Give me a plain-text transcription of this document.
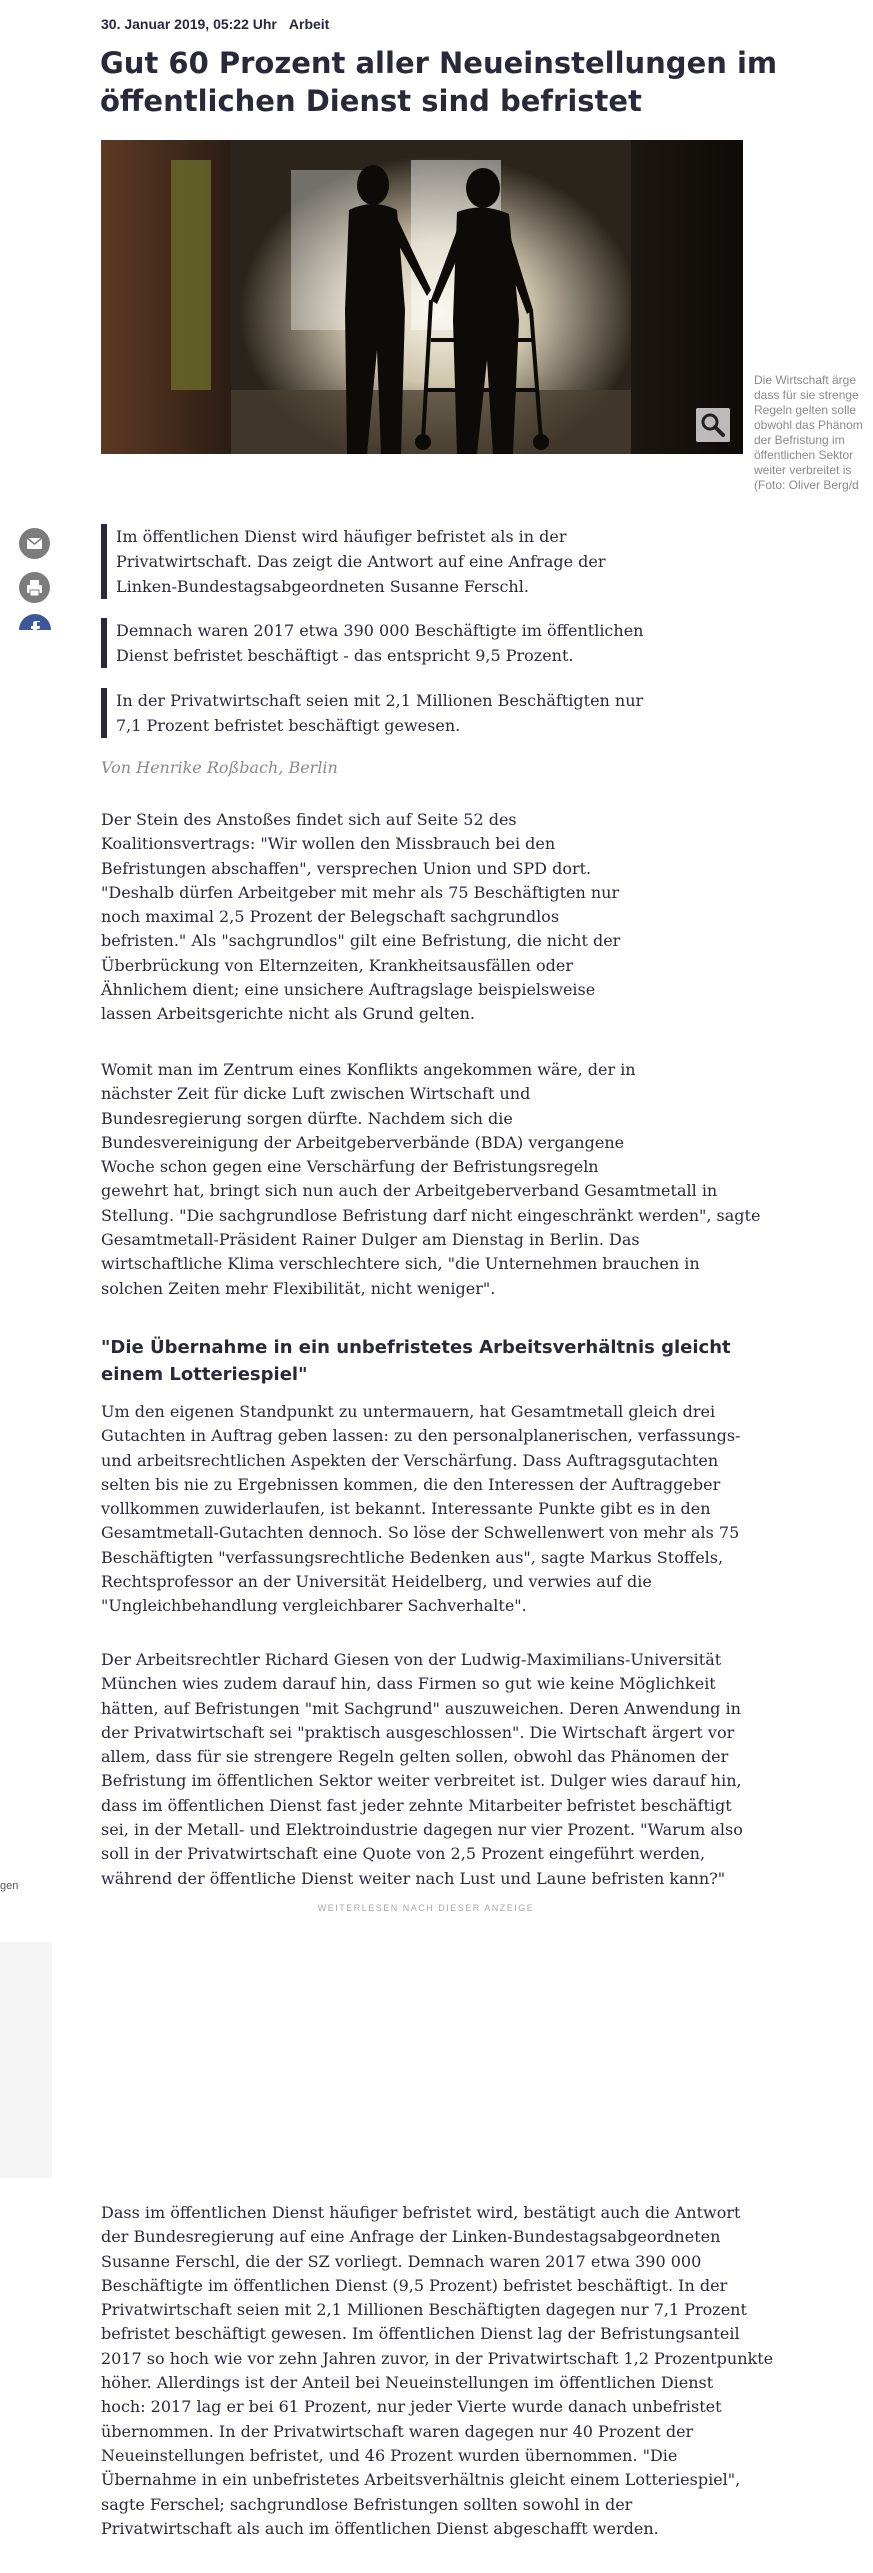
30. Januar 2019, 05:22 Uhr Arbeit
Gut 60 Prozent aller Neueinstellungen im öffentlichen Dienst sind befristet
Die Wirtschaft ärge
dass für sie strenge
Regeln gelten solle
obwohl das Phänom
der Befristung im
öffentlichen Sektor
weiter verbreitet is
(Foto: Oliver Berg/d
Im öffentlichen Dienst wird häufiger befristet als in der
Privatwirtschaft. Das zeigt die Antwort auf eine Anfrage der
Linken-Bundestagsabgeordneten Susanne Ferschl.
Demnach waren 2017 etwa 390 000 Beschäftigte im öffentlichen
Dienst befristet beschäftigt - das entspricht 9,5 Prozent.
In der Privatwirtschaft seien mit 2,1 Millionen Beschäftigten nur
7,1 Prozent befristet beschäftigt gewesen.
Von Henrike Roßbach, Berlin
Der Stein des Anstoßes findet sich auf Seite 52 des
Koalitionsvertrags: "Wir wollen den Missbrauch bei den
Befristungen abschaffen", versprechen Union und SPD dort.
"Deshalb dürfen Arbeitgeber mit mehr als 75 Beschäftigten nur
noch maximal 2,5 Prozent der Belegschaft sachgrundlos
befristen." Als "sachgrundlos" gilt eine Befristung, die nicht der
Überbrückung von Elternzeiten, Krankheitsausfällen oder
Ähnlichem dient; eine unsichere Auftragslage beispielsweise
lassen Arbeitsgerichte nicht als Grund gelten.
Womit man im Zentrum eines Konflikts angekommen wäre, der in
nächster Zeit für dicke Luft zwischen Wirtschaft und
Bundesregierung sorgen dürfte. Nachdem sich die
Bundesvereinigung der Arbeitgeberverbände (BDA) vergangene
Woche schon gegen eine Verschärfung der Befristungsregeln
gewehrt hat, bringt sich nun auch der Arbeitgeberverband Gesamtmetall in
Stellung. "Die sachgrundlose Befristung darf nicht eingeschränkt werden", sagte
Gesamtmetall-Präsident Rainer Dulger am Dienstag in Berlin. Das
wirtschaftliche Klima verschlechtere sich, "die Unternehmen brauchen in
solchen Zeiten mehr Flexibilität, nicht weniger".
"Die Übernahme in ein unbefristetes Arbeitsverhältnis gleicht einem Lotteriespiel"
Um den eigenen Standpunkt zu untermauern, hat Gesamtmetall gleich drei
Gutachten in Auftrag geben lassen: zu den personalplanerischen, verfassungs-
und arbeitsrechtlichen Aspekten der Verschärfung. Dass Auftragsgutachten
selten bis nie zu Ergebnissen kommen, die den Interessen der Auftraggeber
vollkommen zuwiderlaufen, ist bekannt. Interessante Punkte gibt es in den
Gesamtmetall-Gutachten dennoch. So löse der Schwellenwert von mehr als 75
Beschäftigten "verfassungsrechtliche Bedenken aus", sagte Markus Stoffels,
Rechtsprofessor an der Universität Heidelberg, und verwies auf die
"Ungleichbehandlung vergleichbarer Sachverhalte".
Der Arbeitsrechtler Richard Giesen von der Ludwig-Maximilians-Universität
München wies zudem darauf hin, dass Firmen so gut wie keine Möglichkeit
hätten, auf Befristungen "mit Sachgrund" auszuweichen. Deren Anwendung in
der Privatwirtschaft sei "praktisch ausgeschlossen". Die Wirtschaft ärgert vor
allem, dass für sie strengere Regeln gelten sollen, obwohl das Phänomen der
Befristung im öffentlichen Sektor weiter verbreitet ist. Dulger wies darauf hin,
dass im öffentlichen Dienst fast jeder zehnte Mitarbeiter befristet beschäftigt
sei, in der Metall- und Elektroindustrie dagegen nur vier Prozent. "Warum also
soll in der Privatwirtschaft eine Quote von 2,5 Prozent eingeführt werden,
während der öffentliche Dienst weiter nach Lust und Laune befristen kann?"
WEITERLESEN NACH DIESER ANZEIGE
gen
Dass im öffentlichen Dienst häufiger befristet wird, bestätigt auch die Antwort
der Bundesregierung auf eine Anfrage der Linken-Bundestagsabgeordneten
Susanne Ferschl, die der SZ vorliegt. Demnach waren 2017 etwa 390 000
Beschäftigte im öffentlichen Dienst (9,5 Prozent) befristet beschäftigt. In der
Privatwirtschaft seien mit 2,1 Millionen Beschäftigten dagegen nur 7,1 Prozent
befristet beschäftigt gewesen. Im öffentlichen Dienst lag der Befristungsanteil
2017 so hoch wie vor zehn Jahren zuvor, in der Privatwirtschaft 1,2 Prozentpunkte
höher. Allerdings ist der Anteil bei Neueinstellungen im öffentlichen Dienst
hoch: 2017 lag er bei 61 Prozent, nur jeder Vierte wurde danach unbefristet
übernommen. In der Privatwirtschaft waren dagegen nur 40 Prozent der
Neueinstellungen befristet, und 46 Prozent wurden übernommen. "Die
Übernahme in ein unbefristetes Arbeitsverhältnis gleicht einem Lotteriespiel",
sagte Ferschel; sachgrundlose Befristungen sollten sowohl in der
Privatwirtschaft als auch im öffentlichen Dienst abgeschafft werden.
